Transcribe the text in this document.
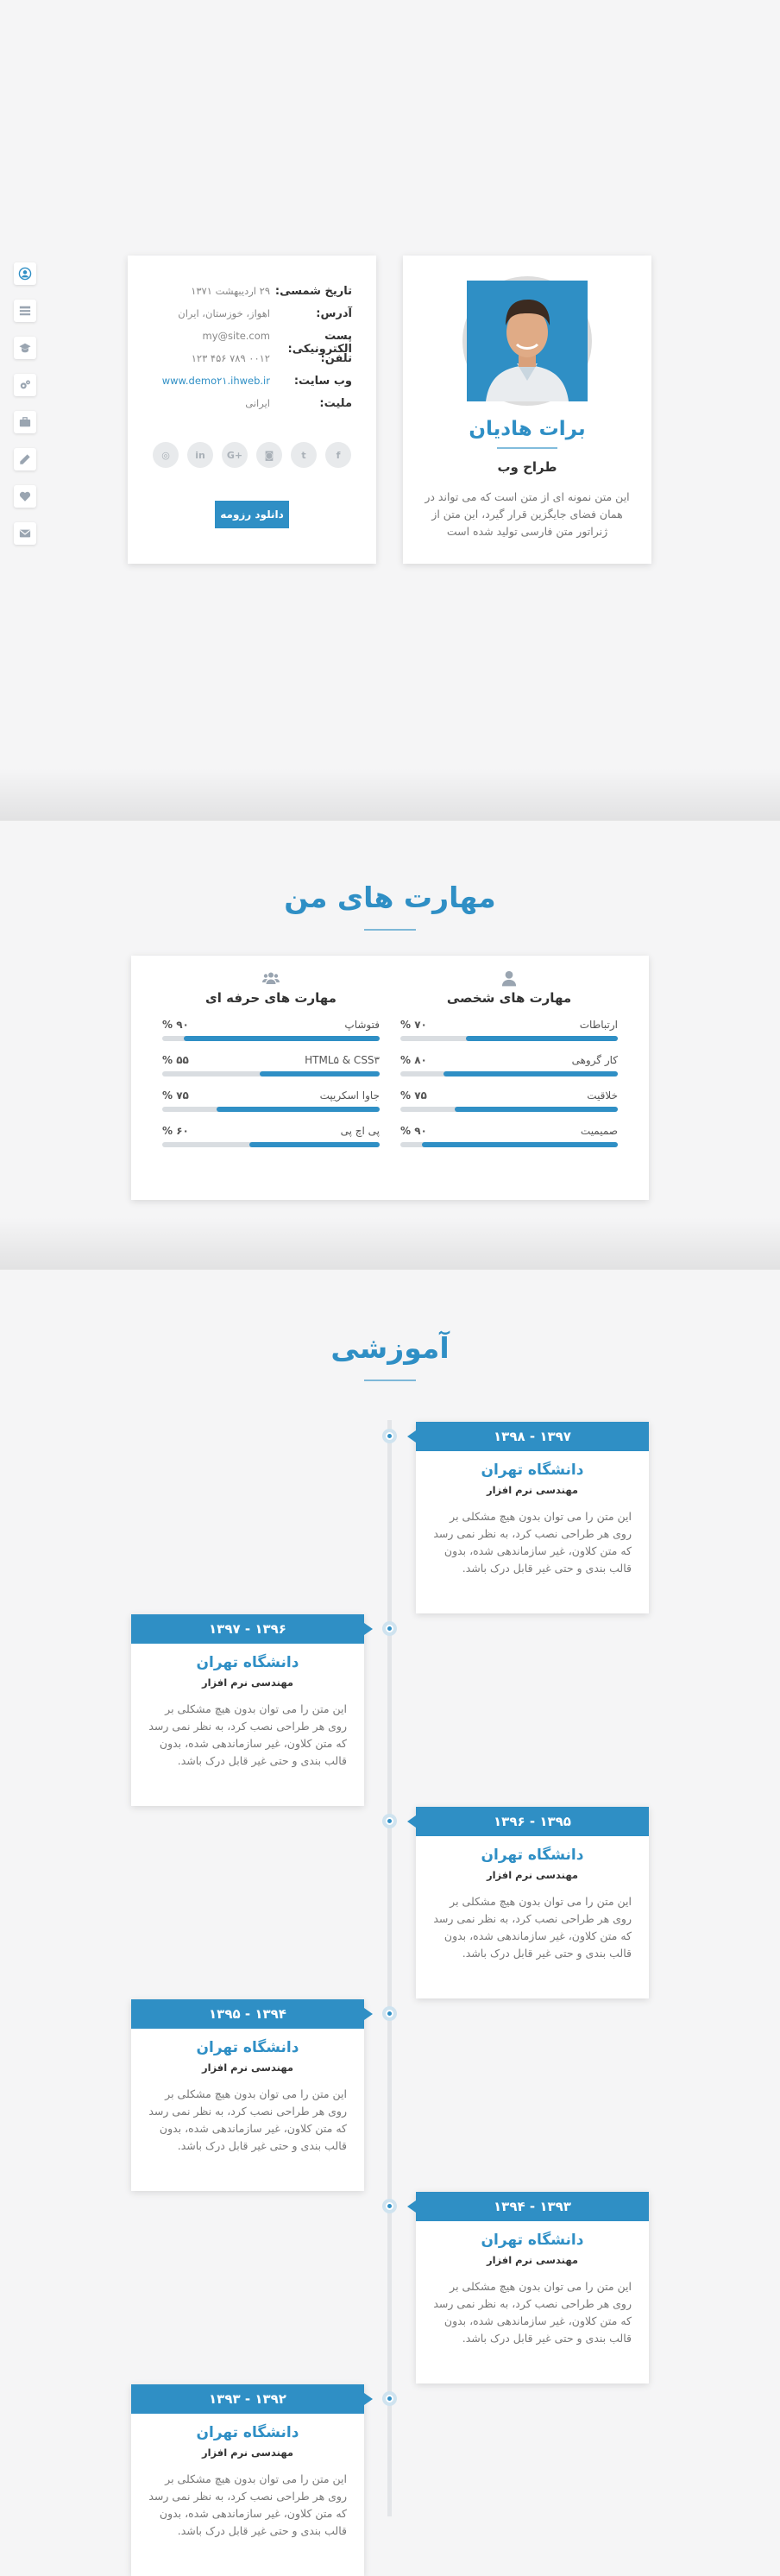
برات هادیان
طراح وب

این متن نمونه ای از متن است که می تواند در همان فضای جایگزین قرار گیرد، این متن از ژنراتور متن فارسی تولید شده است

تاریخ شمسی:
۲۹ اردیبهشت ۱۳۷۱
آدرس:
اهواز، خوزستان، ایران
پست الکترونیکی:
my@site.com
تلفن:
۰۰۱۲ ۷۸۹ ۴۵۶ ۱۲۳
وب سایت:
www.demo۲۱.ihweb.ir
ملیت:
ایرانی
◎	in	G+	◙	t	f
دانلود رزومه
مهارت های من
مهارت های شخصی
ارتباطات
% ۷۰
کار گروهی
% ۸۰
خلاقیت
% ۷۵
صمیمیت
% ۹۰
مهارت های حرفه ای
فتوشاپ
% ۹۰
HTML۵ & CSS۳
% ۵۵
جاوا اسکریپت
% ۷۵
پی اچ پی
% ۶۰
آموزشی
۱۳۹۸ - ۱۳۹۷
دانشگاه تهران
مهندسی نرم افزار

این متن را می توان بدون هیچ مشکلی بر روی هر طراحی نصب کرد، به نظر نمی رسد که متن کلاون، غیر سازماندهی شده، بدون قالب بندی و حتی غیر قابل درک باشد.

۱۳۹۷ - ۱۳۹۶
دانشگاه تهران
مهندسی نرم افزار

این متن را می توان بدون هیچ مشکلی بر روی هر طراحی نصب کرد، به نظر نمی رسد که متن کلاون، غیر سازماندهی شده، بدون قالب بندی و حتی غیر قابل درک باشد.

۱۳۹۶ - ۱۳۹۵
دانشگاه تهران
مهندسی نرم افزار

این متن را می توان بدون هیچ مشکلی بر روی هر طراحی نصب کرد، به نظر نمی رسد که متن کلاون، غیر سازماندهی شده، بدون قالب بندی و حتی غیر قابل درک باشد.

۱۳۹۵ - ۱۳۹۴
دانشگاه تهران
مهندسی نرم افزار

این متن را می توان بدون هیچ مشکلی بر روی هر طراحی نصب کرد، به نظر نمی رسد که متن کلاون، غیر سازماندهی شده، بدون قالب بندی و حتی غیر قابل درک باشد.

۱۳۹۴ - ۱۳۹۳
دانشگاه تهران
مهندسی نرم افزار

این متن را می توان بدون هیچ مشکلی بر روی هر طراحی نصب کرد، به نظر نمی رسد که متن کلاون، غیر سازماندهی شده، بدون قالب بندی و حتی غیر قابل درک باشد.

۱۳۹۳ - ۱۳۹۲
دانشگاه تهران
مهندسی نرم افزار

این متن را می توان بدون هیچ مشکلی بر روی هر طراحی نصب کرد، به نظر نمی رسد که متن کلاون، غیر سازماندهی شده، بدون قالب بندی و حتی غیر قابل درک باشد.
